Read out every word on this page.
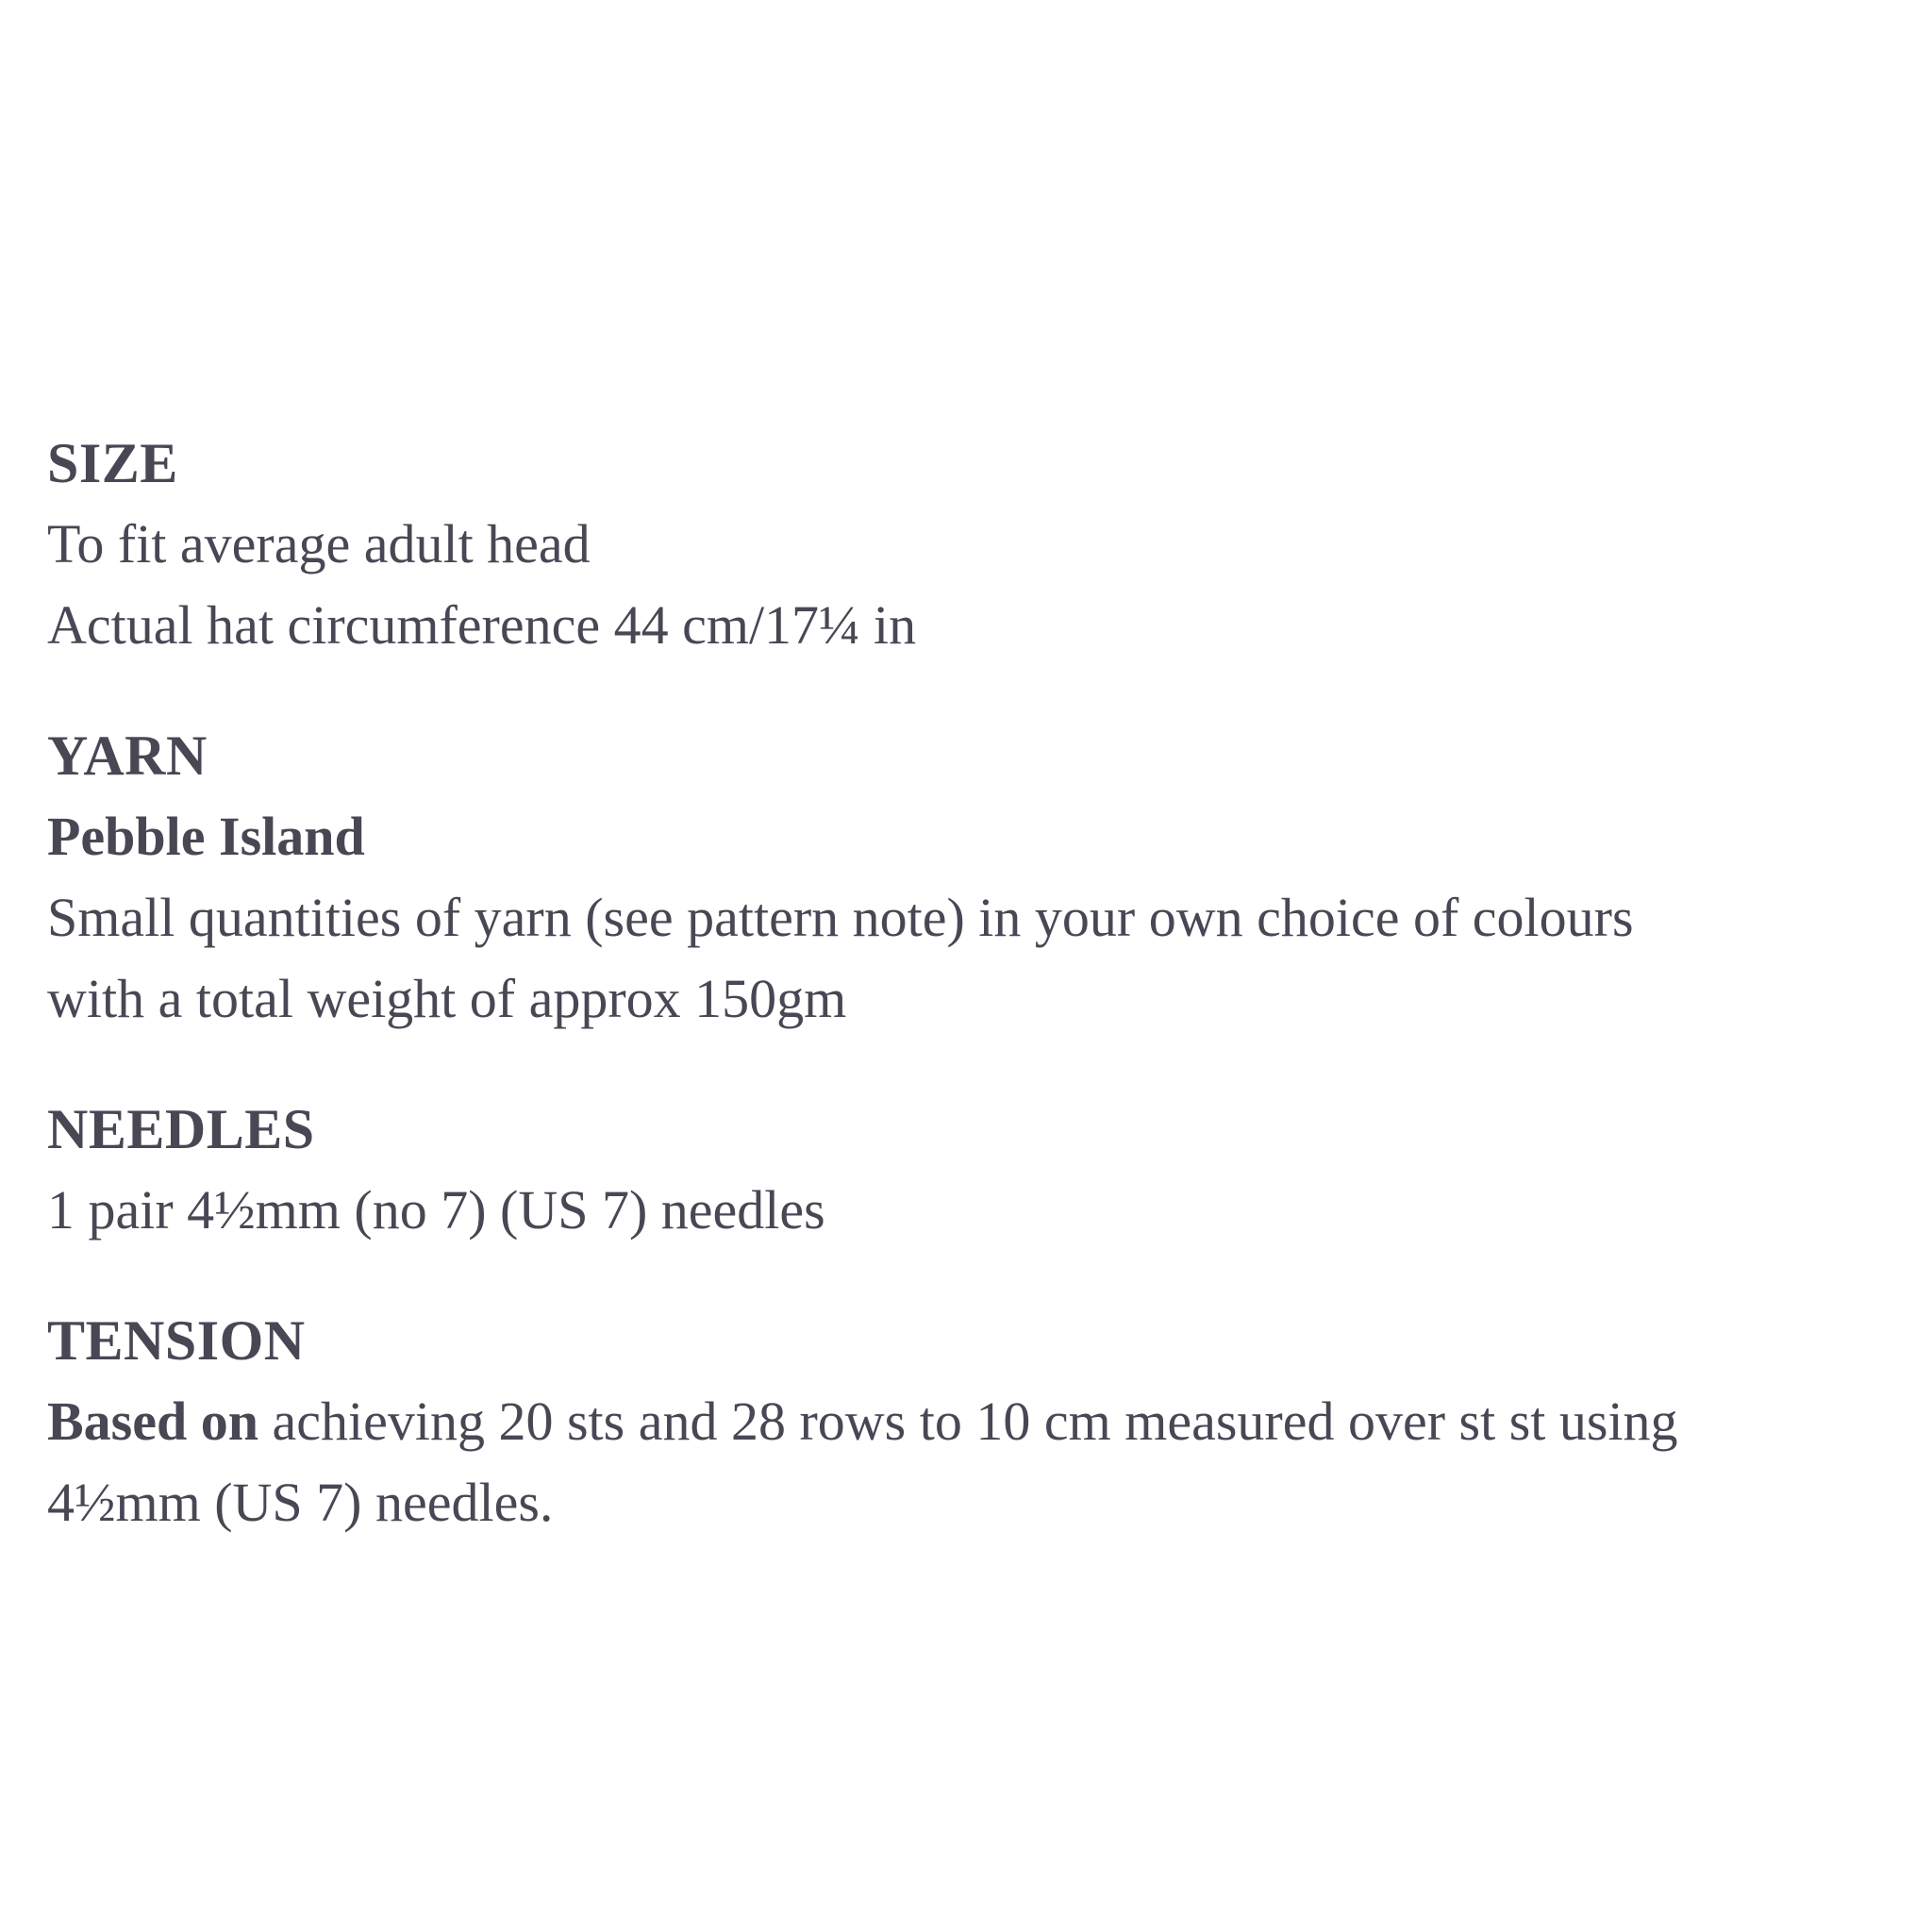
SIZE
To fit average adult head
Actual hat circumference 44 cm/17¼ in
YARN
Pebble Island
Small quantities of yarn (see pattern note) in your own choice of colours
with a total weight of approx 150gm
NEEDLES
1 pair 4½mm (no 7) (US 7) needles
TENSION
Based on achieving 20 sts and 28 rows to 10 cm measured over st st using
4½mm (US 7) needles.
